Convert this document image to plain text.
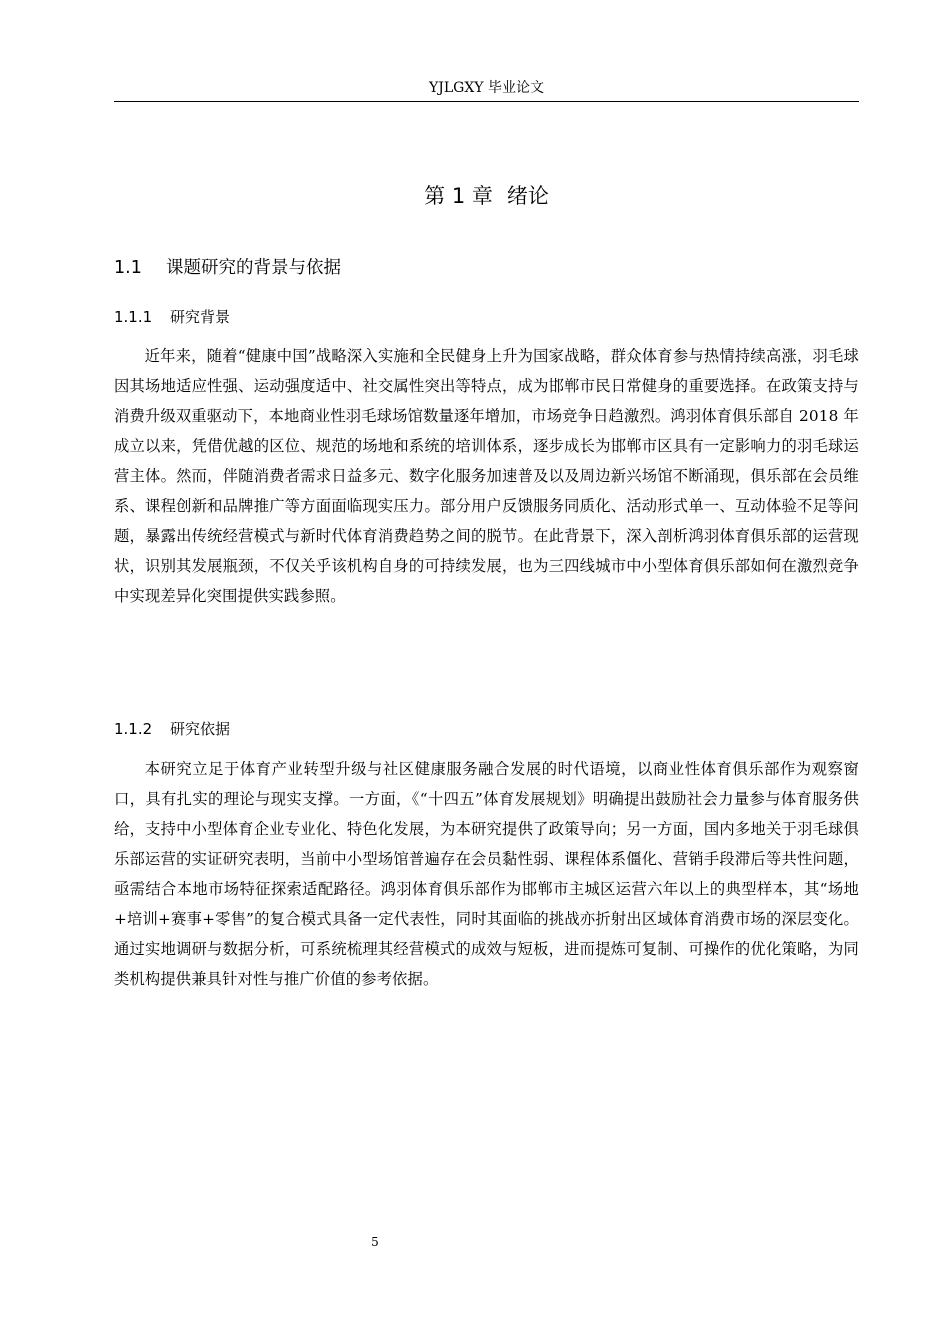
YJLGXY 毕业论文
第 1 章 绪论
1.1 课题研究的背景与依据
1.1.1 研究背景

近年来，随着“健康中国”战略深入实施和全民健身上升为国家战略，群众体育参与热情持续高涨，羽毛球因其场地适应性强、运动强度适中、社交属性突出等特点，成为邯郸市民日常健身的重要选择。在政策支持与消费升级双重驱动下，本地商业性羽毛球场馆数量逐年增加，市场竞争日趋激烈。鸿羽体育俱乐部自 2018 年成立以来，凭借优越的区位、规范的场地和系统的培训体系，逐步成长为邯郸市区具有一定影响力的羽毛球运营主体。然而，伴随消费者需求日益多元、数字化服务加速普及以及周边新兴场馆不断涌现，俱乐部在会员维系、课程创新和品牌推广等方面面临现实压力。部分用户反馈服务同质化、活动形式单一、互动体验不足等问题，暴露出传统经营模式与新时代体育消费趋势之间的脱节。在此背景下，深入剖析鸿羽体育俱乐部的运营现状，识别其发展瓶颈，不仅关乎该机构自身的可持续发展，也为三四线城市中小型体育俱乐部如何在激烈竞争中实现差异化突围提供实践参照。

1.1.2 研究依据

本研究立足于体育产业转型升级与社区健康服务融合发展的时代语境，以商业性体育俱乐部作为观察窗口，具有扎实的理论与现实支撑。一方面，《“十四五”体育发展规划》明确提出鼓励社会力量参与体育服务供给，支持中小型体育企业专业化、特色化发展，为本研究提供了政策导向；另一方面，国内多地关于羽毛球俱乐部运营的实证研究表明，当前中小型场馆普遍存在会员黏性弱、课程体系僵化、营销手段滞后等共性问题，亟需结合本地市场特征探索适配路径。鸿羽体育俱乐部作为邯郸市主城区运营六年以上的典型样本，其“场地+培训+赛事+零售”的复合模式具备一定代表性，同时其面临的挑战亦折射出区域体育消费市场的深层变化。通过实地调研与数据分析，可系统梳理其经营模式的成效与短板，进而提炼可复制、可操作的优化策略，为同类机构提供兼具针对性与推广价值的参考依据。

5
